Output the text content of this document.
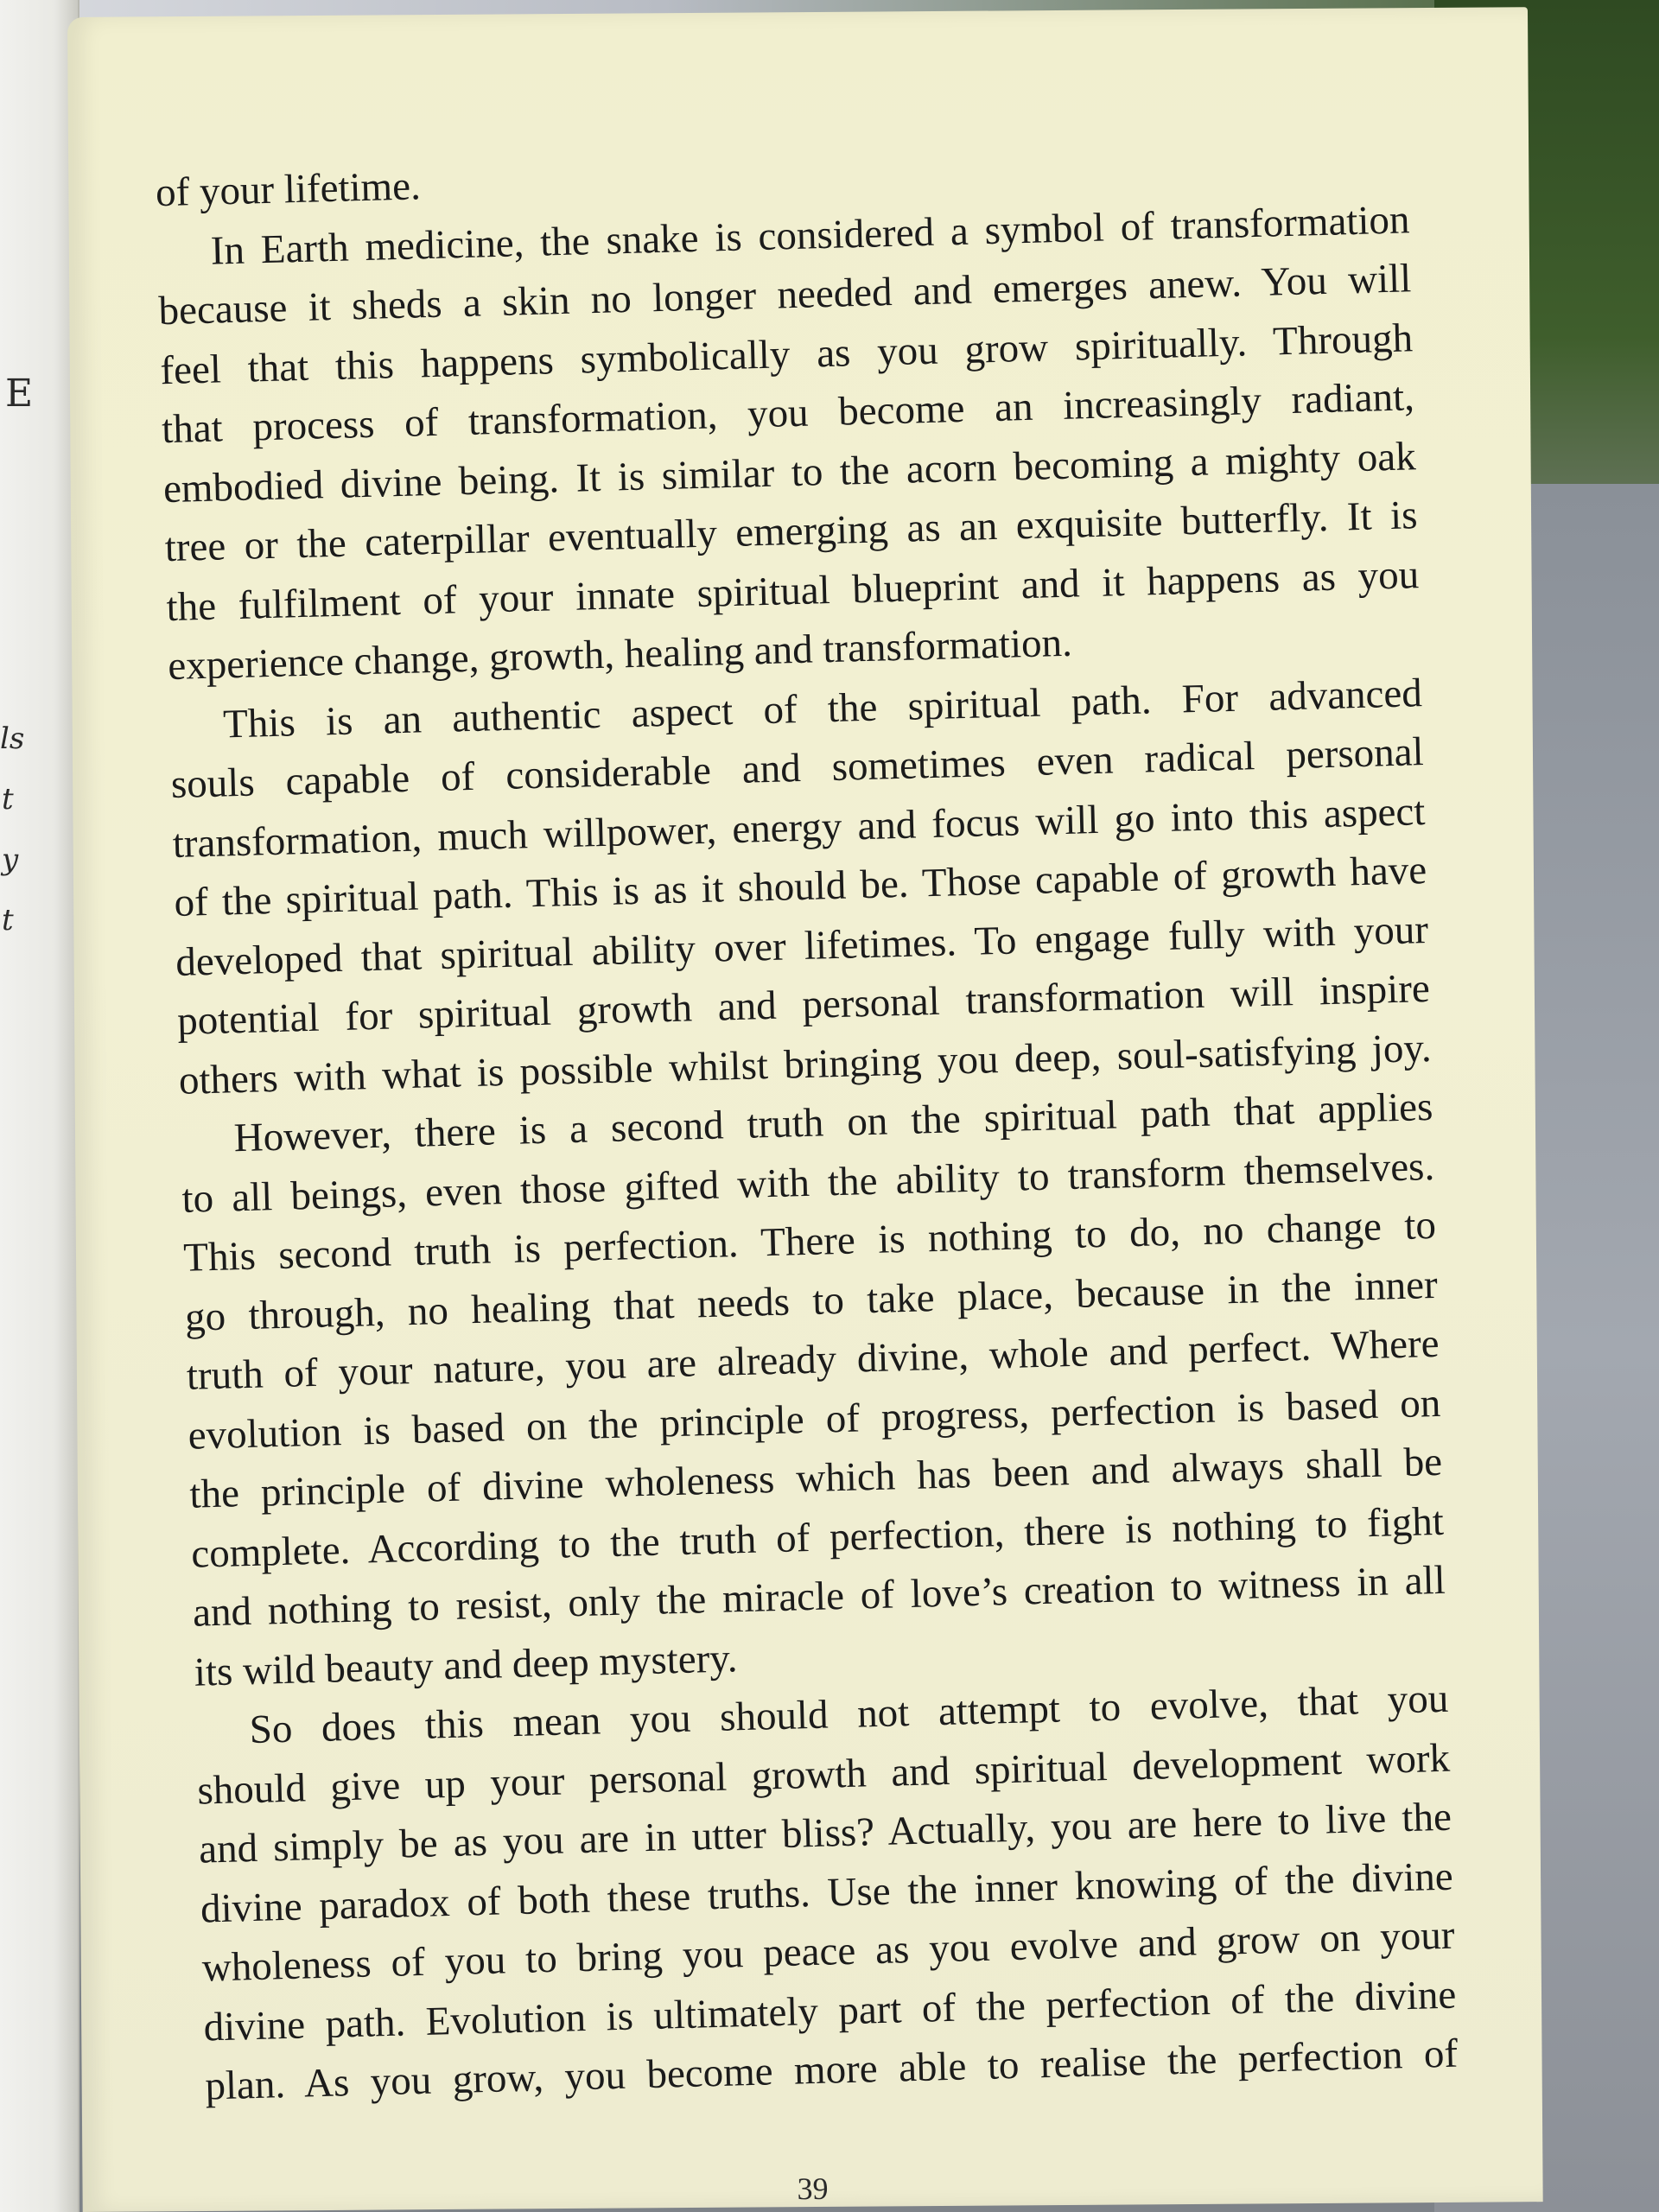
E
ls
t
y
t
of your lifetime.
In Earth medicine, the snake is considered a symbol of transformation
because it sheds a skin no longer needed and emerges anew. You will
feel that this happens symbolically as you grow spiritually. Through
that process of transformation, you become an increasingly radiant,
embodied divine being. It is similar to the acorn becoming a mighty oak
tree or the caterpillar eventually emerging as an exquisite butterfly. It is
the fulfilment of your innate spiritual blueprint and it happens as you
experience change, growth, healing and transformation.
This is an authentic aspect of the spiritual path. For advanced
souls capable of considerable and sometimes even radical personal
transformation, much willpower, energy and focus will go into this aspect
of the spiritual path. This is as it should be. Those capable of growth have
developed that spiritual ability over lifetimes. To engage fully with your
potential for spiritual growth and personal transformation will inspire
others with what is possible whilst bringing you deep, soul-satisfying joy.
However, there is a second truth on the spiritual path that applies
to all beings, even those gifted with the ability to transform themselves.
This second truth is perfection. There is nothing to do, no change to
go through, no healing that needs to take place, because in the inner
truth of your nature, you are already divine, whole and perfect. Where
evolution is based on the principle of progress, perfection is based on
the principle of divine wholeness which has been and always shall be
complete. According to the truth of perfection, there is nothing to fight
and nothing to resist, only the miracle of love’s creation to witness in all
its wild beauty and deep mystery.
So does this mean you should not attempt to evolve, that you
should give up your personal growth and spiritual development work
and simply be as you are in utter bliss? Actually, you are here to live the
divine paradox of both these truths. Use the inner knowing of the divine
wholeness of you to bring you peace as you evolve and grow on your
divine path. Evolution is ultimately part of the perfection of the divine
plan. As you grow, you become more able to realise the perfection of
39
